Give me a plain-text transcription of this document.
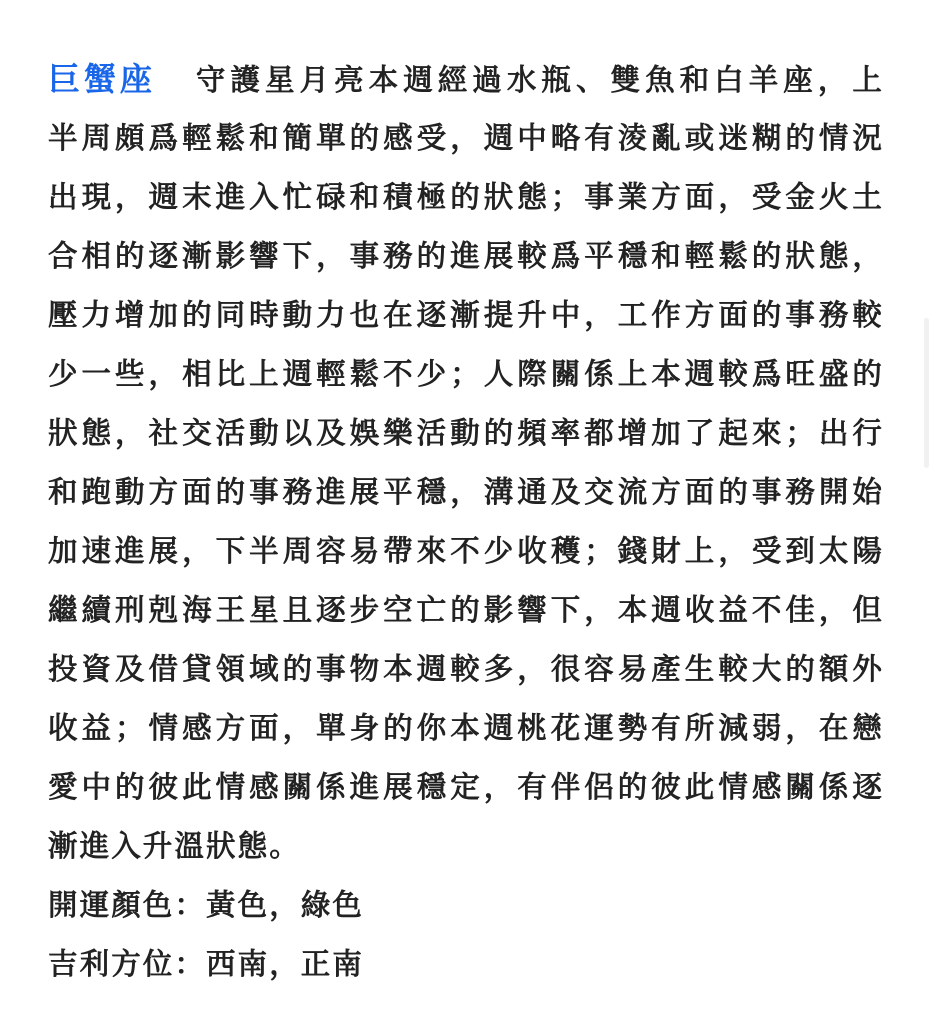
巨蟹座 守護星月亮本週經過水瓶、雙魚和白羊座，上
半周頗爲輕鬆和簡單的感受，週中略有淩亂或迷糊的情況
出現，週末進入忙碌和積極的狀態；事業方面，受金火土
合相的逐漸影響下，事務的進展較爲平穩和輕鬆的狀態，
壓力增加的同時動力也在逐漸提升中，工作方面的事務較
少一些，相比上週輕鬆不少；人際關係上本週較爲旺盛的
狀態，社交活動以及娛樂活動的頻率都增加了起來；出行
和跑動方面的事務進展平穩，溝通及交流方面的事務開始
加速進展，下半周容易帶來不少收穫；錢財上，受到太陽
繼續刑剋海王星且逐步空亡的影響下，本週收益不佳，但
投資及借貸領域的事物本週較多，很容易產生較大的額外
收益；情感方面，單身的你本週桃花運勢有所減弱，在戀
愛中的彼此情感關係進展穩定，有伴侶的彼此情感關係逐
漸進入升溫狀態。
開運顏色：黃色，綠色
吉利方位：西南，正南
